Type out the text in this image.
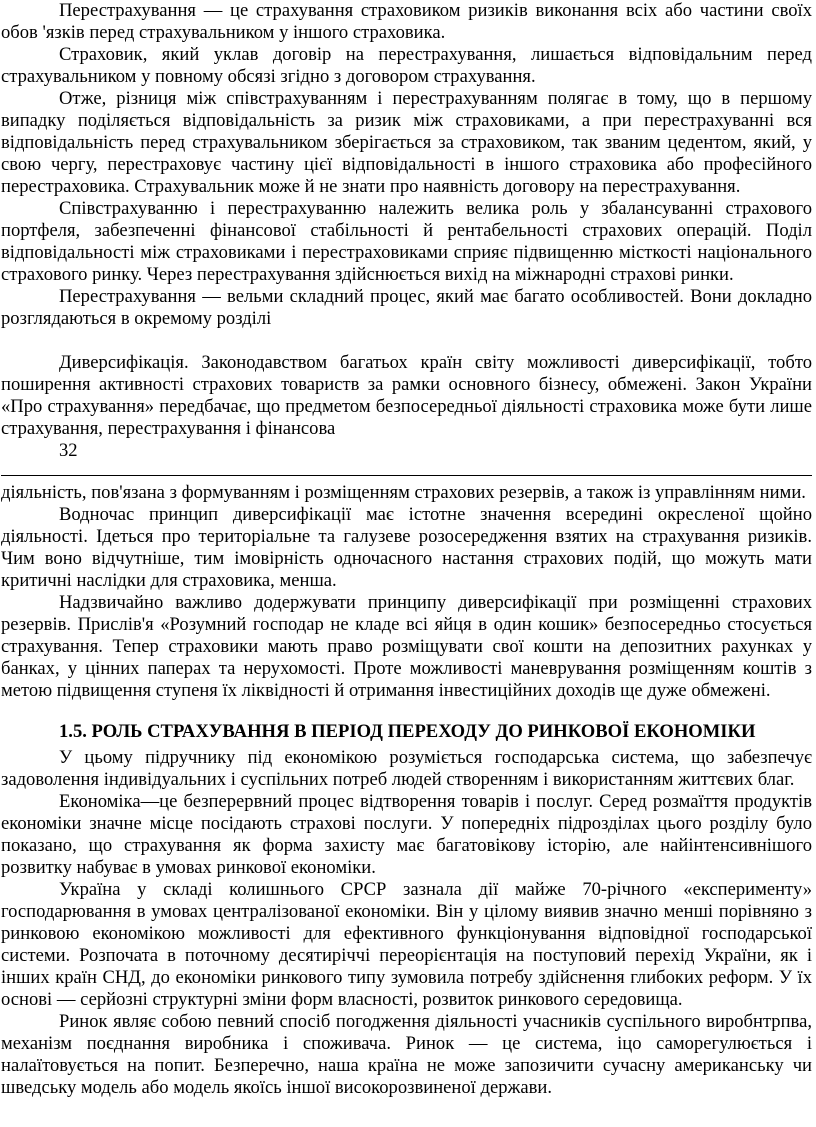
Перестрахування — це страхування страховиком ризиків виконання всіх або частини своїх обов 'язків перед страхувальником у іншого страховика.

Страховик, який уклав договір на перестрахування, лишається відповідальним перед страхувальником у повному обсязі згідно з договором страхування.

Отже, різниця між співстрахуванням і перестрахуванням полягає в тому, що в першому випадку поділяється відповідальність за ризик між страховиками, а при перестрахуванні вся відповідальність перед страхувальником зберігається за страховиком, так званим цедентом, який, у свою чергу, перестраховує частину цієї відповідальності в іншого страховика або професійного перестраховика. Страхувальник може й не знати про наявність договору на перестрахування.

Співстрахуванню і перестрахуванню належить велика роль у збалансуванні страхового портфеля, забезпеченні фінансової стабільності й рентабельності страхових операцій. Поділ відповідальності між страховиками і перестраховиками сприяє підвищенню місткості національного страхового ринку. Через перестрахування здійснюється вихід на міжнародні страхові ринки.

Перестрахування — вельми складний процес, який має багато особливостей. Вони докладно розглядаються в окремому розділі

Диверсифікація. Законодавством багатьох країн світу можливості диверсифікації, тобто поширення активності страхових товариств за рамки основного бізнесу, обмежені. Закон України «Про страхування» передбачає, що предметом безпосередньої діяльності страховика може бути лише страхування, перестрахування і фінансова

32

діяльність, пов'язана з формуванням і розміщенням страхових резервів, а також із управлінням ними.

Водночас принцип диверсифікації має істотне значення всередині окресленої щойно діяльності. Ідеться про територіальне та галузеве розосередження взятих на страхування ризиків. Чим воно відчутніше, тим імовірність одночасного настання страхових подій, що можуть мати критичні наслідки для страховика, менша.

Надзвичайно важливо додержувати принципу диверсифікації при розміщенні страхових резервів. Прислів'я «Розумний господар не кладе всі яйця в один кошик» безпосередньо стосується страхування. Тепер страховики мають право розміщувати свої кошти на депозитних рахунках у банках, у цінних паперах та нерухомості. Проте можливості маневрування розміщенням коштів з метою підвищення ступеня їх ліквідності й отримання інвестиційних доходів ще дуже обмежені.

1.5. РОЛЬ СТРАХУВАННЯ В ПЕРІОД ПЕРЕХОДУ ДО РИНКОВОЇ ЕКОНОМІКИ

У цьому підручнику під економікою розуміється господарська система, що забезпечує задоволення індивідуальних і суспільних потреб людей створенням і використанням життєвих благ.

Економіка—це безперервний процес відтворення товарів і послуг. Серед розмаїття продуктів економіки значне місце посідають страхові послуги. У попередніх підрозділах цього розділу було показано, що страхування як форма захисту має багатовікову історію, але найінтенсивнішого розвитку набуває в умовах ринкової економіки.

Україна у складі колишнього СРСР зазнала дії майже 70-річного «експерименту» господарювання в умовах централізованої економіки. Він у цілому виявив значно менші порівняно з ринковою економікою можливості для ефективного функціонування відповідної господарської системи. Розпочата в поточному десятиріччі переорієнтація на поступовий перехід України, як і інших країн СНД, до економіки ринкового типу зумовила потребу здійснення глибоких реформ. У їх основі — серйозні структурні зміни форм власності, розвиток ринкового середовища.

Ринок являє собою певний спосіб погодження діяльності учасників суспільного виробнтрпва, механізм поєднання виробника і споживача. Ринок — це система, іцо саморегулюється і налаїтовується на попит. Безперечно, наша країна не може запозичити сучасну американську чи шведську модель або модель якоїсь іншої високорозвиненої держави.
